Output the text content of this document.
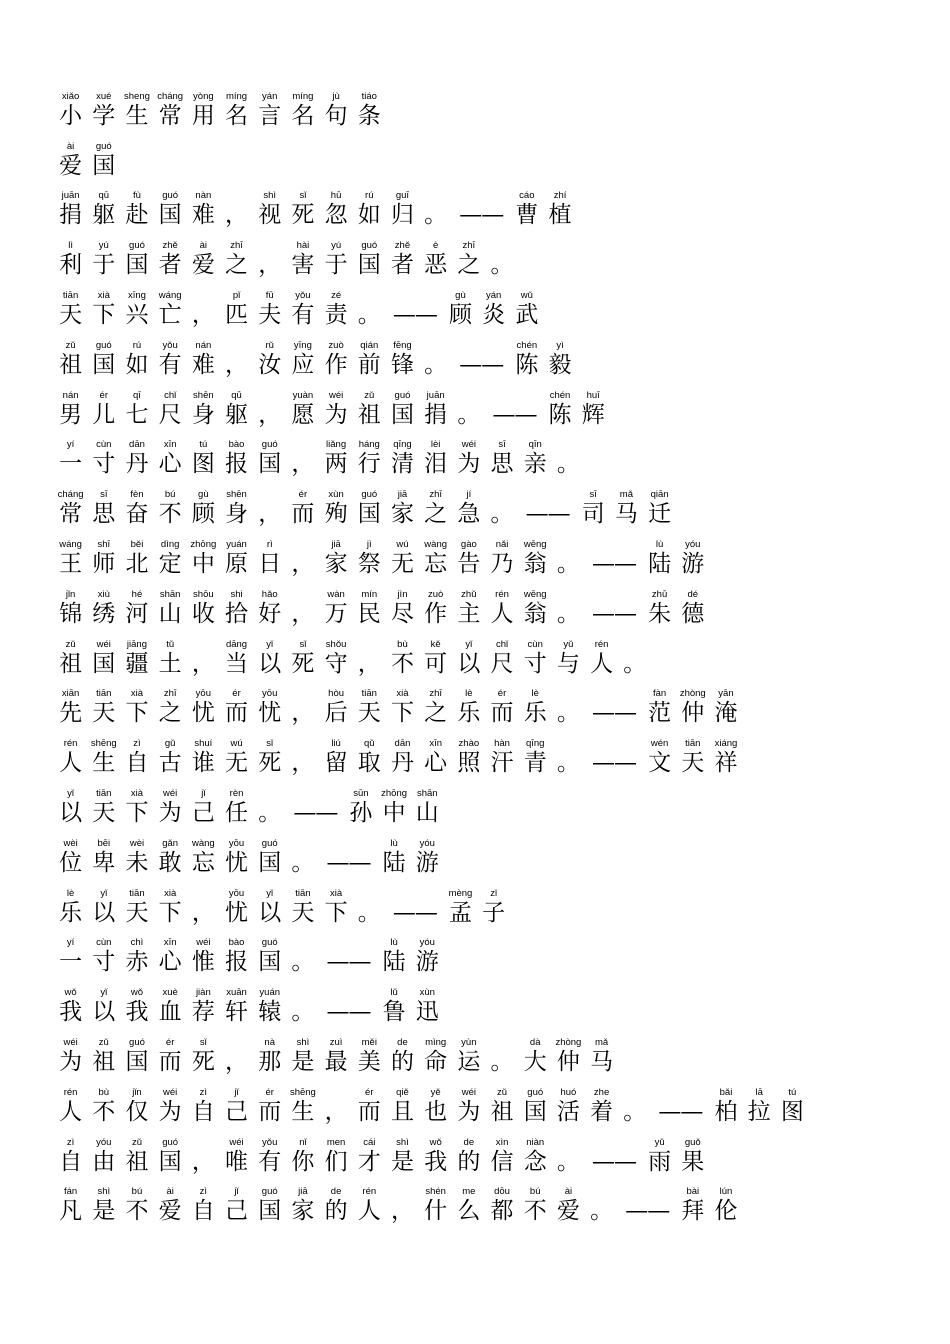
xiǎo
小
xué
学
sheng
生
cháng
常
yòng
用
míng
名
yán
言
míng
名
jù
句
tiáo
条
ài
爱
guó
国
juān
捐
qū
躯
fù
赴
guó
国
nàn
难 ，
shì
视
sǐ
死
hū
忽
rú
如
guī
归 。 ——
cáo
曹
zhí
植
lì
利
yú
于
guó
国
zhě
者
ài
爱
zhī
之 ，
hài
害
yú
于
guó
国
zhě
者
è
恶
zhī
之 。
tiān
天
xià
下
xīng
兴
wáng
亡 ，
pǐ
匹
fū
夫
yǒu
有
zé
责 。 ——
gù
顾
yán
炎
wǔ
武
zǔ
祖
guó
国
rú
如
yǒu
有
nán
难 ，
rǔ
汝
yīng
应
zuò
作
qián
前
fēng
锋 。 ——
chén
陈
yì
毅
nán
男
ér
儿
qī
七
chǐ
尺
shēn
身
qū
躯 ，
yuàn
愿
wéi
为
zǔ
祖
guó
国
juān
捐 。 ——
chén
陈
huī
辉
yí
一
cùn
寸
dān
丹
xīn
心
tú
图
bào
报
guó
国 ，
liǎng
两
háng
行
qīng
清
lèi
泪
wéi
为
sī
思
qīn
亲 。
cháng
常
sī
思
fèn
奋
bú
不
gù
顾
shēn
身 ，
ér
而
xùn
殉
guó
国
jiā
家
zhī
之
jí
急 。 ——
sī
司
mǎ
马
qiān
迁
wáng
王
shī
师
běi
北
dìng
定
zhōng
中
yuán
原
rì
日 ，
jiā
家
jì
祭
wú
无
wàng
忘
gào
告
nǎi
乃
wēng
翁 。 ——
lù
陆
yóu
游
jǐn
锦
xiù
绣
hé
河
shān
山
shōu
收
shi
拾
hǎo
好 ，
wàn
万
mín
民
jìn
尽
zuò
作
zhǔ
主
rén
人
wēng
翁 。 ——
zhū
朱
dé
德
zǔ
祖
wéi
国
jiāng
疆
tǔ
土 ，
dāng
当
yǐ
以
sǐ
死
shǒu
守 ，
bù
不
kě
可
yǐ
以
chǐ
尺
cùn
寸
yǔ
与
rén
人 。
xiān
先
tiān
天
xià
下
zhī
之
yōu
忧
ér
而
yōu
忧 ，
hòu
后
tiān
天
xià
下
zhī
之
lè
乐
ér
而
lè
乐 。 ——
fàn
范
zhòng
仲
yān
淹
rén
人
shēng
生
zì
自
gǔ
古
shuí
谁
wú
无
sǐ
死 ，
liú
留
qǔ
取
dān
丹
xīn
心
zhào
照
hàn
汗
qīng
青 。 ——
wén
文
tiān
天
xiáng
祥
yǐ
以
tiān
天
xià
下
wéi
为
jǐ
己
rèn
任 。 ——
sūn
孙
zhōng
中
shān
山
wèi
位
bēi
卑
wèi
未
gǎn
敢
wàng
忘
yōu
忧
guó
国 。 ——
lù
陆
yóu
游
lè
乐
yǐ
以
tiān
天
xià
下 ，
yōu
忧
yǐ
以
tiān
天
xià
下 。 ——
mèng
孟
zǐ
子
yí
一
cùn
寸
chì
赤
xīn
心
wéi
惟
bào
报
guó
国 。 ——
lù
陆
yóu
游
wǒ
我
yǐ
以
wǒ
我
xuè
血
jiàn
荐
xuān
轩
yuán
辕 。 ——
lǔ
鲁
xùn
迅
wéi
为
zǔ
祖
guó
国
ér
而
sǐ
死 ，
nà
那
shì
是
zuì
最
měi
美
de
的
mìng
命
yùn
运 。
dà
大
zhòng
仲
mǎ
马
rén
人
bù
不
jǐn
仅
wéi
为
zì
自
jǐ
己
ér
而
shēng
生 ，
ér
而
qiě
且
yě
也
wéi
为
zǔ
祖
guó
国
huó
活
zhe
着 。 ——
bǎi
柏
lā
拉
tú
图
zì
自
yóu
由
zǔ
祖
guó
国 ，
wéi
唯
yǒu
有
nǐ
你
men
们
cái
才
shì
是
wǒ
我
de
的
xìn
信
niàn
念 。 ——
yǔ
雨
guǒ
果
fán
凡
shì
是
bú
不
ài
爱
zì
自
jǐ
己
guó
国
jiā
家
de
的
rén
人 ，
shén
什
me
么
dōu
都
bú
不
ài
爱 。 ——
bài
拜
lún
伦
